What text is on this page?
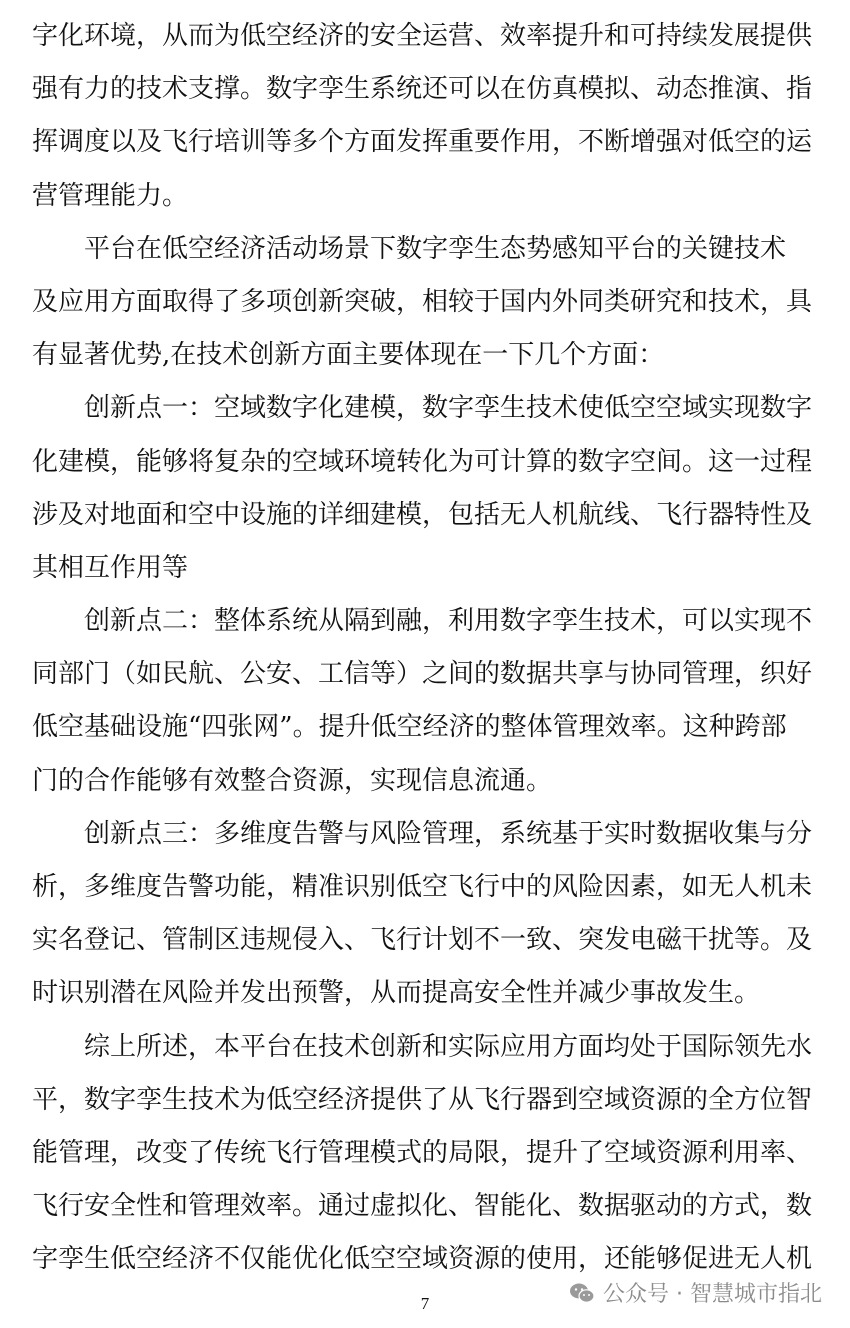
字化环境，从而为低空经济的安全运营、效率提升和可持续发展提供
强有力的技术支撑。数字孪生系统还可以在仿真模拟、动态推演、指
挥调度以及飞行培训等多个方面发挥重要作用，不断增强对低空的运
营管理能力。
平台在低空经济活动场景下数字孪生态势感知平台的关键技术
及应用方面取得了多项创新突破，相较于国内外同类研究和技术，具
有显著优势,在技术创新方面主要体现在一下几个方面：
创新点一：空域数字化建模，数字孪生技术使低空空域实现数字
化建模，能够将复杂的空域环境转化为可计算的数字空间。这一过程
涉及对地面和空中设施的详细建模，包括无人机航线、飞行器特性及
其相互作用等
创新点二：整体系统从隔到融，利用数字孪生技术，可以实现不
同部门（如民航、公安、工信等）之间的数据共享与协同管理，织好
低空基础设施“四张网”。提升低空经济的整体管理效率。这种跨部
门的合作能够有效整合资源，实现信息流通。
创新点三：多维度告警与风险管理，系统基于实时数据收集与分
析，多维度告警功能，精准识别低空飞行中的风险因素，如无人机未
实名登记、管制区违规侵入、飞行计划不一致、突发电磁干扰等。及
时识别潜在风险并发出预警，从而提高安全性并减少事故发生。
综上所述，本平台在技术创新和实际应用方面均处于国际领先水
平，数字孪生技术为低空经济提供了从飞行器到空域资源的全方位智
能管理，改变了传统飞行管理模式的局限，提升了空域资源利用率、
飞行安全性和管理效率。通过虚拟化、智能化、数据驱动的方式，数
字孪生低空经济不仅能优化低空空域资源的使用，还能够促进无人机
7	公众号 · 智慧城市指北
